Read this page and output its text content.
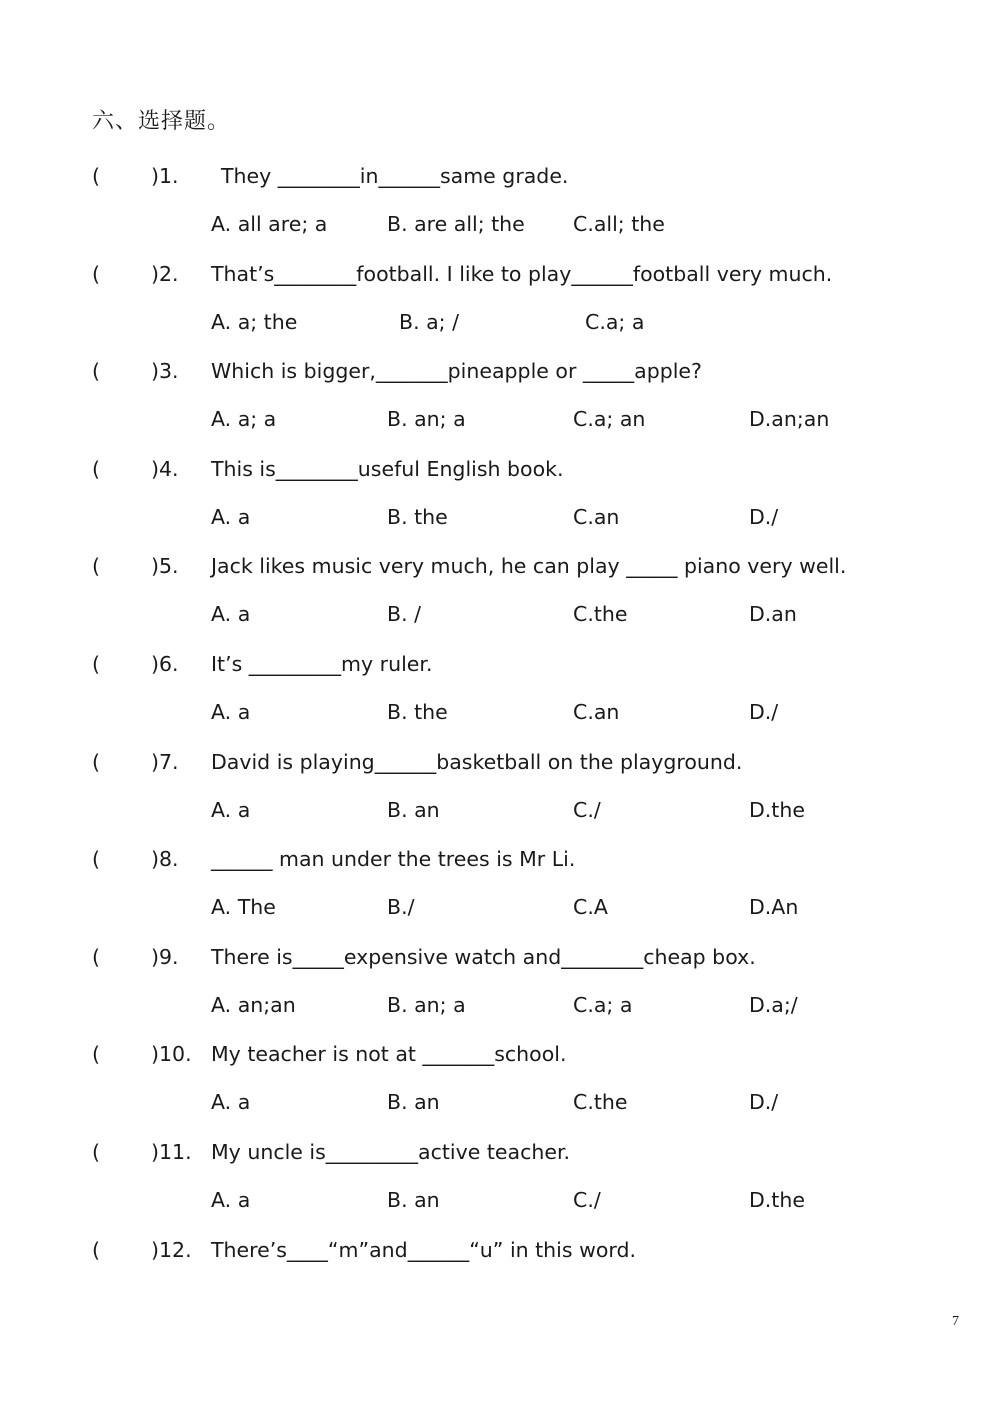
六、选择题。
( )1. They ________in______same grade.
A. all are; a	B. are all; the C.all; the
( )2. That’s________football. I like to play______football very much.
A. a; the	B. a; /	C.a; a
( )3. Which is bigger,_______pineapple or _____apple?
A. a; a	B. an; a	C.a; an	D.an;an
( )4. This is________useful English book.
A. a	B. the	C.an	D./
( )5. Jack likes music very much, he can play _____ piano very well.
A. a	B. /	C.the	D.an
( )6. It’s _________my ruler.
A. a	B. the	C.an	D./
( )7. David is playing______basketball on the playground.
A. a	B. an	C./	D.the
( )8. ______ man under the trees is Mr Li.
A. The	B./	C.A	D.An
( )9. There is_____expensive watch and________cheap box.
A. an;an	B. an; a	C.a; a	D.a;/
( )10. My teacher is not at _______school.
A. a	B. an	C.the	D./
( )11. My uncle is_________active teacher.
A. a	B. an	C./	D.the
( )12. There’s____“m”and______“u” in this word.
7
